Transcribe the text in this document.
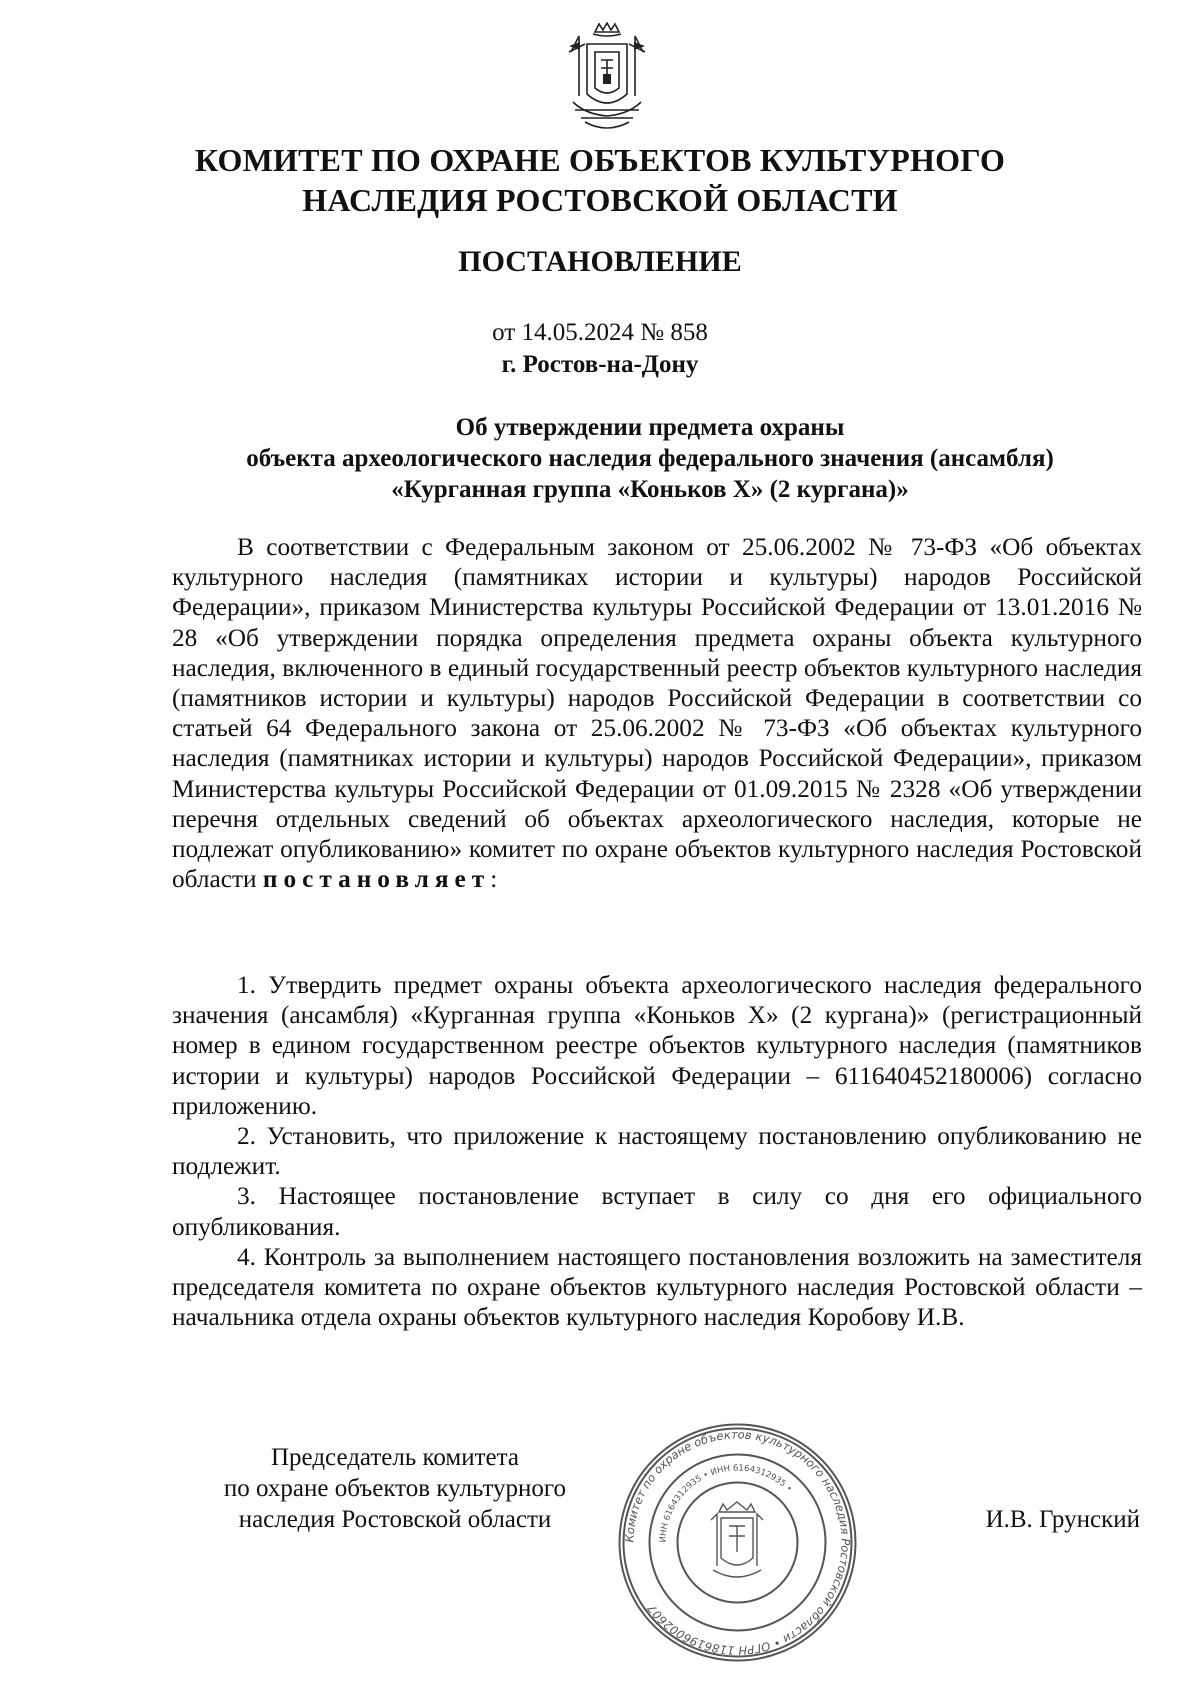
КОМИТЕТ ПО ОХРАНЕ ОБЪЕКТОВ КУЛЬТУРНОГО
НАСЛЕДИЯ РОСТОВСКОЙ ОБЛАСТИ
ПОСТАНОВЛЕНИЕ
от 14.05.2024 № 858
г. Ростов-на-Дону
Об утверждении предмета охраны
объекта археологического наследия федерального значения (ансамбля)
«Курганная группа «Коньков Х» (2 кургана)»

В соответствии с Федеральным законом от 25.06.2002 № 73-ФЗ «Об объектах культурного наследия (памятниках истории и культуры) народов Российской Федерации», приказом Министерства культуры Российской Федерации от 13.01.2016 № 28 «Об утверждении порядка определения предмета охраны объекта культурного наследия, включенного в единый государственный реестр объектов культурного наследия (памятников истории и культуры) народов Российской Федерации в соответствии со статьей 64 Федерального закона от 25.06.2002 № 73-ФЗ «Об объектах культурного наследия (памятниках истории и культуры) народов Российской Федерации», приказом Министерства культуры Российской Федерации от 01.09.2015 № 2328 «Об утверждении перечня отдельных сведений об объектах археологического наследия, которые не подлежат опубликованию» комитет по охране объектов культурного наследия Ростовской области постановляет:

1. Утвердить предмет охраны объекта археологического наследия федерального значения (ансамбля) «Курганная группа «Коньков Х» (2 кургана)» (регистрационный номер в едином государственном реестре объектов культурного наследия (памятников истории и культуры) народов Российской Федерации – 611640452180006) согласно приложению.

2. Установить, что приложение к настоящему постановлению опубликованию не подлежит.

3. Настоящее постановление вступает в силу со дня его официального опубликования.

4. Контроль за выполнением настоящего постановления возложить на заместителя председателя комитета по охране объектов культурного наследия Ростовской области – начальника отдела охраны объектов культурного наследия Коробову И.В.

Председатель комитета
по охране объектов культурного
наследия Ростовской области
Комитет по охране объектов культурного наследия Ростовской области • ОГРН 1186196002607
ИНН 6164312935 • ИНН 6164312935 •
И.В. Грунский
